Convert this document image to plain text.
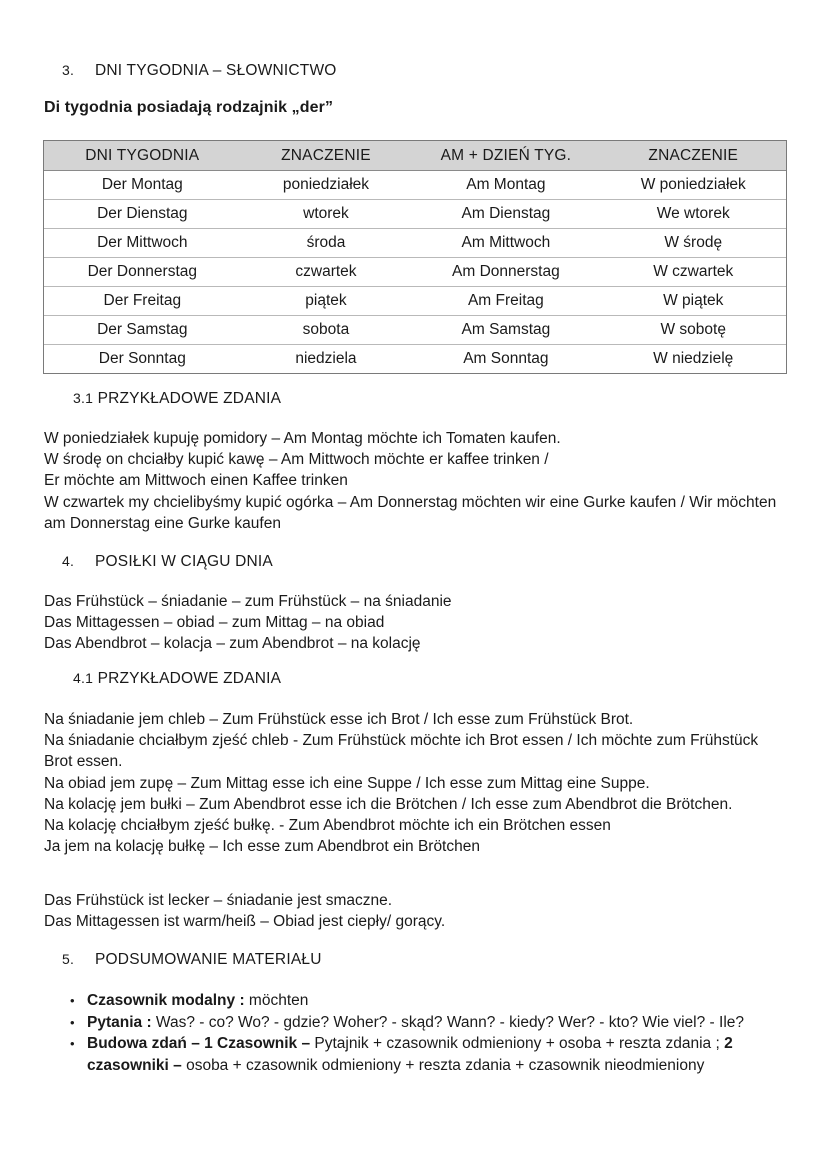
3.	DNI TYGODNIA – SŁOWNICTWO
Di tygodnia posiadają rodzajnik „der”
DNI TYGODNIA	ZNACZENIE	AM + DZIEŃ TYG.	ZNACZENIE
Der Montag	poniedziałek	Am Montag	W poniedziałek
Der Dienstag	wtorek	Am Dienstag	We wtorek
Der Mittwoch	środa	Am Mittwoch	W środę
Der Donnerstag	czwartek	Am Donnerstag	W czwartek
Der Freitag	piątek	Am Freitag	W piątek
Der Samstag	sobota	Am Samstag	W sobotę
Der Sonntag	niedziela	Am Sonntag	W niedzielę
3.1 PRZYKŁADOWE ZDANIA
W poniedziałek kupuję pomidory – Am Montag möchte ich Tomaten kaufen.
W środę on chciałby kupić kawę – Am Mittwoch möchte er kaffee trinken /
Er möchte am Mittwoch einen Kaffee trinken
W czwartek my chcielibyśmy kupić ogórka – Am Donnerstag möchten wir eine Gurke kaufen / Wir möchten am Donnerstag eine Gurke kaufen
4.	POSIŁKI W CIĄGU DNIA
Das Frühstück – śniadanie – zum Frühstück – na śniadanie
Das Mittagessen – obiad – zum Mittag – na obiad
Das Abendbrot – kolacja – zum Abendbrot – na kolację
4.1 PRZYKŁADOWE ZDANIA
Na śniadanie jem chleb – Zum Frühstück esse ich Brot / Ich esse zum Frühstück Brot.
Na śniadanie chciałbym zjeść chleb - Zum Frühstück möchte ich Brot essen / Ich möchte zum Frühstück Brot essen.
Na obiad jem zupę – Zum Mittag esse ich eine Suppe / Ich esse zum Mittag eine Suppe.
Na kolację jem bułki – Zum Abendbrot esse ich die Brötchen / Ich esse zum Abendbrot die Brötchen.
Na kolację chciałbym zjeść bułkę. - Zum Abendbrot möchte ich ein Brötchen essen
Ja jem na kolację bułkę – Ich esse zum Abendbrot ein Brötchen
Das Frühstück ist lecker – śniadanie jest smaczne.
Das Mittagessen ist warm/heiß – Obiad jest ciepły/ gorący.
5.	PODSUMOWANIE MATERIAŁU
• Czasownik modalny : möchten
• Pytania : Was? - co? Wo? - gdzie? Woher? - skąd? Wann? - kiedy? Wer? - kto? Wie viel? - Ile?
• Budowa zdań – 1 Czasownik – Pytajnik + czasownik odmieniony + osoba + reszta zdania ; 2 czasowniki – osoba + czasownik odmieniony + reszta zdania + czasownik nieodmieniony
